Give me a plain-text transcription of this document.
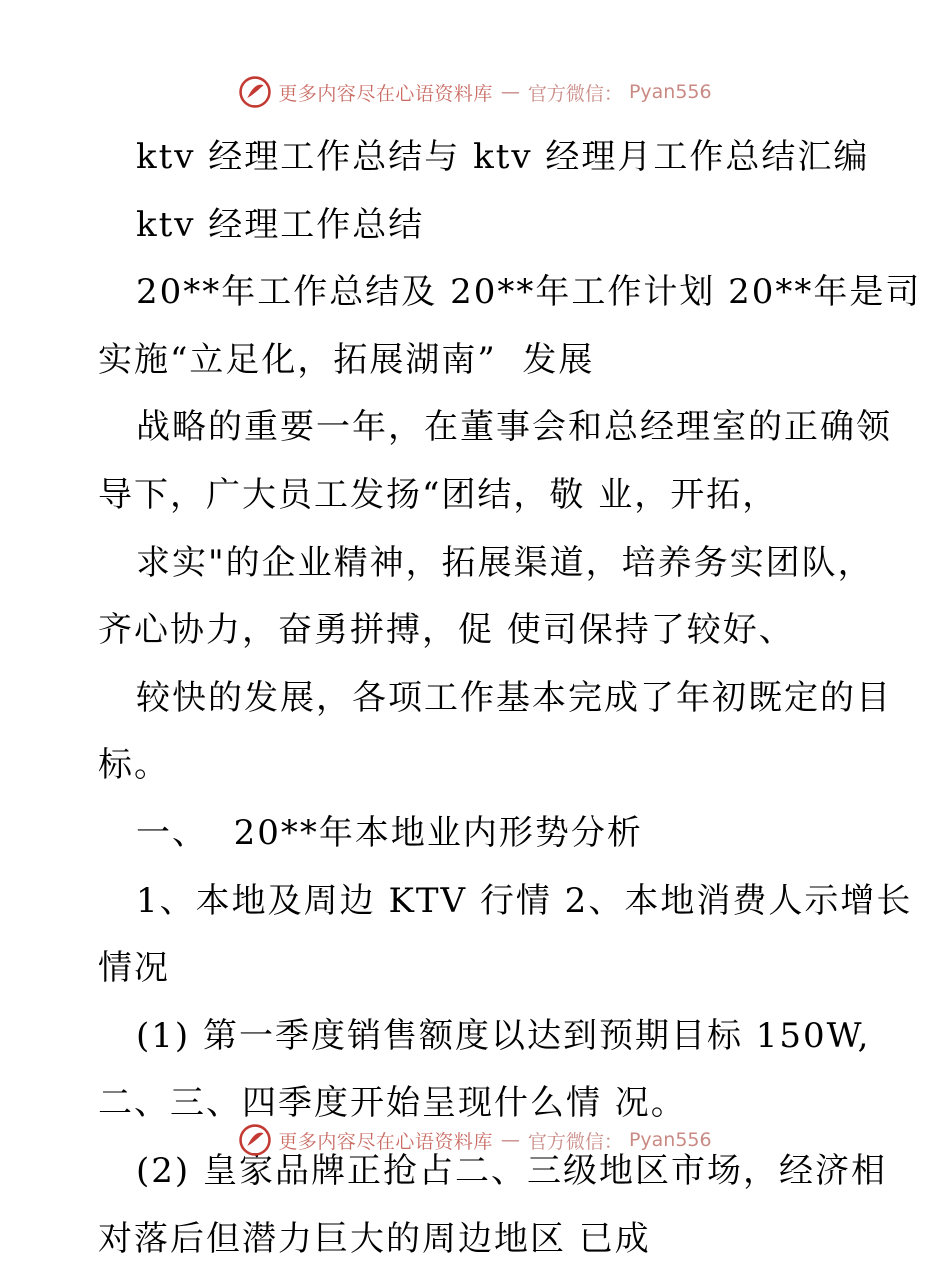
更多内容尽在心语资料库 — 官方微信： Pyan556
ktv 经理工作总结与 ktv 经理月工作总结汇编
ktv 经理工作总结
20**年工作总结及 20**年工作计划 20**年是司
实施“立足化，拓展湖南”  发展
战略的重要一年，在董事会和总经理室的正确领
导下，广大员工发扬“团结，敬 业，开拓，
求实"的企业精神，拓展渠道，培养务实团队，
齐心协力，奋勇拼搏，促 使司保持了较好、
较快的发展，各项工作基本完成了年初既定的目
标。
一、  20**年本地业内形势分析
1、本地及周边 KTV 行情 2、本地消费人示增长
情况
(1) 第一季度销售额度以达到预期目标 150W,
二、三、四季度开始呈现什么情 况。
(2) 皇家品牌正抢占二、三级地区市场，经济相
对落后但潜力巨大的周边地区 已成
更多内容尽在心语资料库 — 官方微信： Pyan556
